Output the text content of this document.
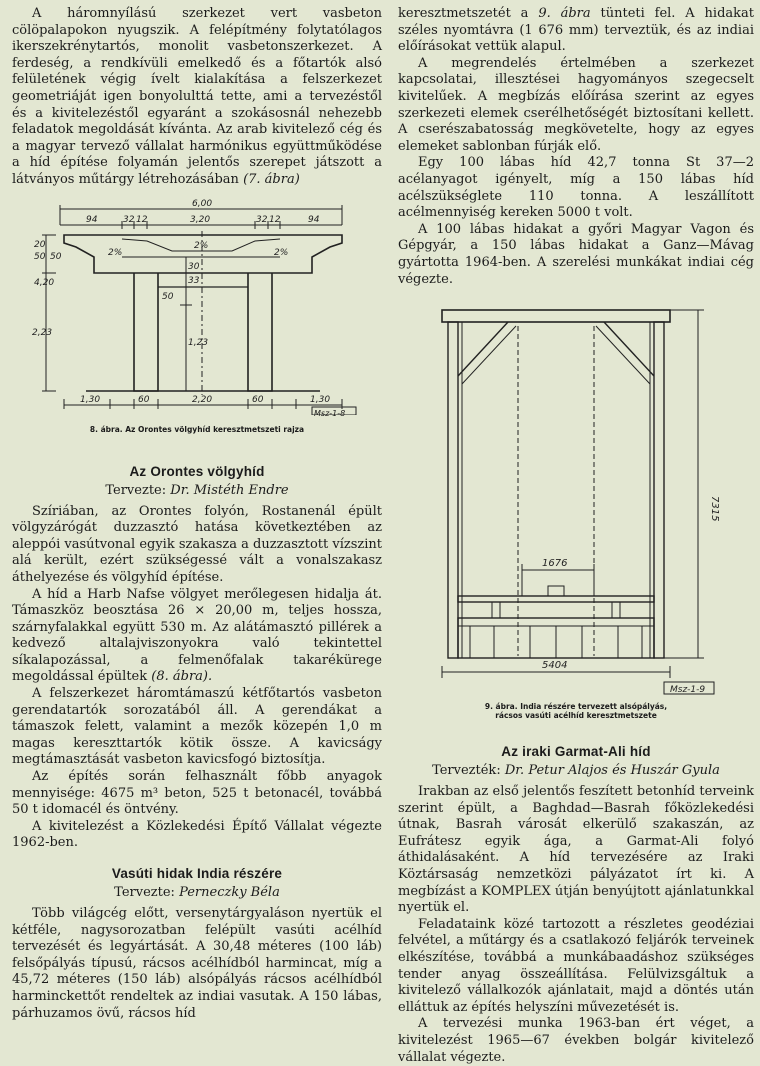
A háromnyílású szerkezet vert vasbeton cölöpalapokon nyugszik. A felépítmény folytatólagos ikerszekrénytartós, monolit vasbetonszerkezet. A ferdeség, a rendkívüli emelkedő és a főtartók alsó felületének végig ívelt kialakítása a felszerkezet geometriáját igen bonyolulttá tette, ami a tervezéstől és a kivitelezéstől egyaránt a szokásosnál nehezebb feladatok megoldását kívánta. Az arab kivitelező cég és a magyar tervező vállalat harmónikus együttműködése a híd építése folyamán jelentős szerepet játszott a látványos műtárgy létrehozásában (7. ábra)

6,00
94	32 12	3,20	32 12	94
2%
2%
2%
30
33
1,23
50
20
50 50
4,20
2,23
1,30	60	2,20	60	1,30
Msz-1-8

8. ábra. Az Orontes völgyhíd keresztmetszeti rajza

Az Orontes völgyhíd
Tervezte: Dr. Mistéth Endre

Szíriában, az Orontes folyón, Rostanenál épült völgyzárógát duzzasztó hatása következtében az aleppói vasútvonal egyik szakasza a duzzasztott vízszint alá került, ezért szükségessé vált a vonalszakasz áthelyezése és völgyhíd építése.

A híd a Harb Nafse völgyet merőlegesen hidalja át. Támaszköz beosztása 26 × 20,00 m, teljes hossza, szárnyfalakkal együtt 530 m. Az alátámasztó pillérek a kedvező altalajviszonyokra való tekintettel síkalapozással, a felmenőfalak takarékürege megoldással épültek (8. ábra).

A felszerkezet háromtámaszú kétfőtartós vasbeton gerendatartók sorozatából áll. A gerendákat a támaszok felett, valamint a mezők közepén 1,0 m magas kereszttartók kötik össze. A kavicságy megtámasztását vasbeton kavicsfogó biztosítja.

Az építés során felhasznált főbb anyagok mennyisége: 4675 m³ beton, 525 t betonacél, továbbá 50 t idomacél és öntvény.

A kivitelezést a Közlekedési Építő Vállalat végezte 1962-ben.

Vasúti hidak India részére
Tervezte: Perneczky Béla

Több világcég előtt, versenytárgyaláson nyertük el kétféle, nagysorozatban felépült vasúti acélhíd tervezését és legyártását. A 30,48 méteres (100 láb) felsőpályás típusú, rácsos acélhídból harmincat, míg a 45,72 méteres (150 láb) alsópályás rácsos acélhídból harminckettőt rendeltek az indiai vasutak. A 150 lábas, párhuzamos övű, rácsos híd

keresztmetszetét a 9. ábra tünteti fel. A hidakat széles nyomtávra (1 676 mm) terveztük, és az indiai előírásokat vettük alapul.

A megrendelés értelmében a szerkezet kapcsolatai, illesztései hagyományos szegecselt kivitelűek. A megbízás előírása szerint az egyes szerkezeti elemek cserélhetőségét biztosítani kellett. A cserészabatosság megkövetelte, hogy az egyes elemeket sablonban fúrják elő.

Egy 100 lábas híd 42,7 tonna St 37—2 acélanyagot igényelt, míg a 150 lábas híd acélszükséglete 110 tonna. A leszállított acélmennyiség kereken 5000 t volt.

A 100 lábas hidakat a győri Magyar Vagon és Gépgyár, a 150 lábas hidakat a Ganz—Mávag gyártotta 1964-ben. A szerelési munkákat indiai cég végezte.

1676
7315
5404
Msz-1-9

9. ábra. India részére tervezett alsópályás,

rácsos vasúti acélhíd keresztmetszete

Az iraki Garmat-Ali híd
Tervezték: Dr. Petur Alajos és Huszár Gyula

Irakban az első jelentős feszített betonhíd terveink szerint épült, a Baghdad—Basrah főközlekedési útnak, Basrah városát elkerülő szakaszán, az Eufrátesz egyik ága, a Garmat-Ali folyó áthidalásaként. A híd tervezésére az Iraki Köztársaság nemzetközi pályázatot írt ki. A megbízást a KOMPLEX útján benyújtott ajánlatunkkal nyertük el.

Feladataink közé tartozott a részletes geodéziai felvétel, a műtárgy és a csatlakozó feljárók terveinek elkészítése, továbbá a munkábaadáshoz szükséges tender anyag összeállítása. Felülvizsgáltuk a kivitelező vállalkozók ajánlatait, majd a döntés után elláttuk az építés helyszíni művezetését is.

A tervezési munka 1963-ban ért véget, a kivitelezést 1965—67 években bolgár kivitelező vállalat végezte.
